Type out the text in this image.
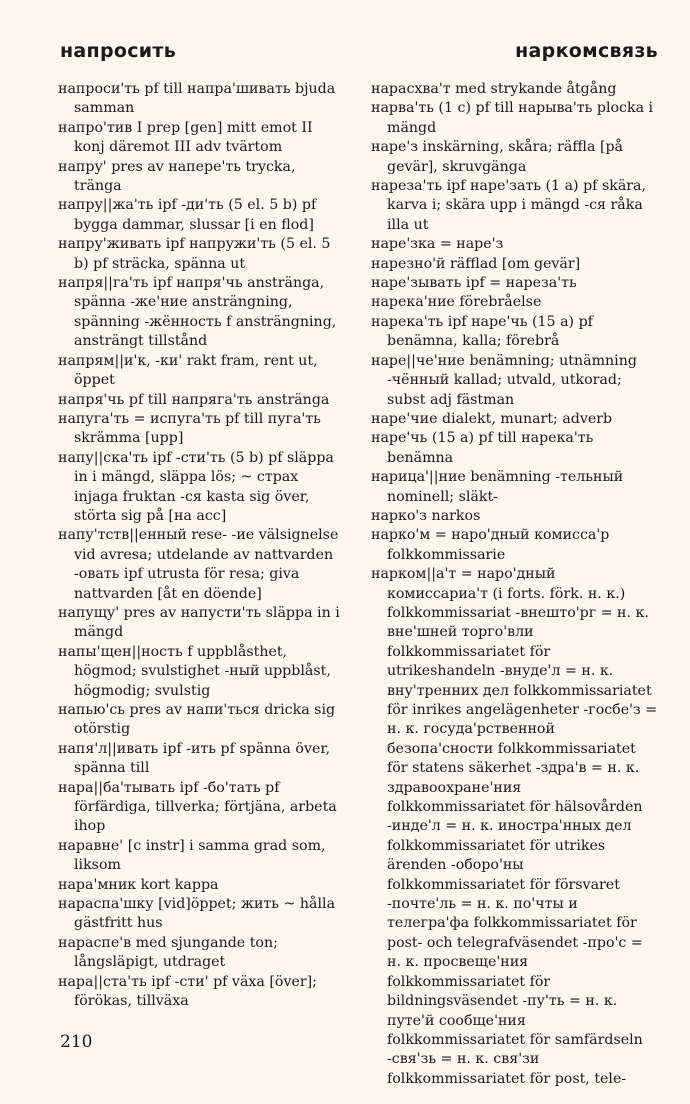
напросить	наркомсвязь

напроси'ть pf till напра'шивать bjuda samman

напро'тив I prep [gen] mitt emot II konj däremot III adv tvärtom

напру' pres av напере'ть trycka, tränga

напру||жа'ть ipf -ди'ть (5 el. 5 b) pf bygga dammar, slussar [i en flod]

напру'живать ipf напружи'ть (5 el. 5 b) pf sträcka, spänna ut

напря||га'ть ipf напря'чь anstränga, spänna -же'ние ansträngning, spänning -жённость f ansträngning, ansträngt tillstånd

напрям||и'к, -ки' rakt fram, rent ut, öppet

напря'чь pf till напряга'ть anstränga

напуга'ть = испуга'ть pf till пуга'ть skrämma [upp]

напу||ска'ть ipf -сти'ть (5 b) pf släppa in i mängd, släppa lös; ~ страх injaga fruktan -ся kasta sig över, störta sig på [на acc]

напу'тств||енный rese- -ие välsignelse vid avresa; utdelande av nattvarden -овать ipf utrusta för resa; giva nattvarden [åt en döende]

напущу' pres av напусти'ть släppa in i mängd

напы'щен||ность f uppblåsthet, högmod; svulstighet -ный uppblåst, högmodig; svulstig

напью'сь pres av напи'ться dricka sig otörstig

напя'л||ивать ipf -ить pf spänna över, spänna till

нара||ба'тывать ipf -бо'тать pf förfärdiga, tillverka; förtjäna, arbeta ihop

наравне' [с instr] i samma grad som, liksom

нара'мник kort kappa

нараспа'шку [vid]öppet; жить ~ hålla gästfritt hus

нараспе'в med sjungande ton; långsläpigt, utdraget

нара||ста'ть ipf -сти' pf växa [över]; förökas, tillväxa

нарасхва'т med strykande åtgång

нарва'ть (1 c) pf till нарыва'ть plocka i mängd

наре'з inskärning, skåra; räffla [på gevär], skruvgänga

нареза'ть ipf наре'зать (1 a) pf skära, karva i; skära upp i mängd -ся råka illa ut

наре'зка = наре'з

нарезно'й räfflad [om gevär]

наре'зывать ipf = нареза'ть

нарека'ние förebråelse

нарека'ть ipf наре'чь (15 a) pf benämna, kalla; förebrå

наре||че'ние benämning; utnämning -чённый kallad; utvald, utkorad; subst adj fästman

наре'чие dialekt, munart; adverb

наре'чь (15 a) pf till нарека'ть benämna

нарица'||ние benämning -тельный nominell; släkt-

нарко'з narkos

нарко'м = наро'дный комисса'р folkkommissarie

нарком||а'т = наро'дный комиссариа'т (i forts. förk. н. к.) folkkommissariat -внешто'рг = н. к. вне'шней торго'вли folkkommissariatet för utrikeshandeln -внуде'л = н. к. вну'тренних дел folkkommissariatet för inrikes angelägenheter -госбе'з = н. к. госуда'рственной безопа'сности folkkommissariatet för statens säkerhet -здра'в = н. к. здравоохране'ния folkkommissariatet för hälsovården -инде'л = н. к. иностра'нных дел folkkommissariatet för utrikes ärenden -оборо'ны folkkommissariatet för försvaret -почте'ль = н. к. по'чты и телегра'фа folkkommissariatet för post- och telegrafväsendet -про'с = н. к. просвеще'ния folkkommissariatet för bildningsväsendet -пу'ть = н. к. путе'й сообще'ния folkkommissariatet för samfärdseln -свя'зь = н. к. свя'зи folkkommissariatet för post, tele-

210
